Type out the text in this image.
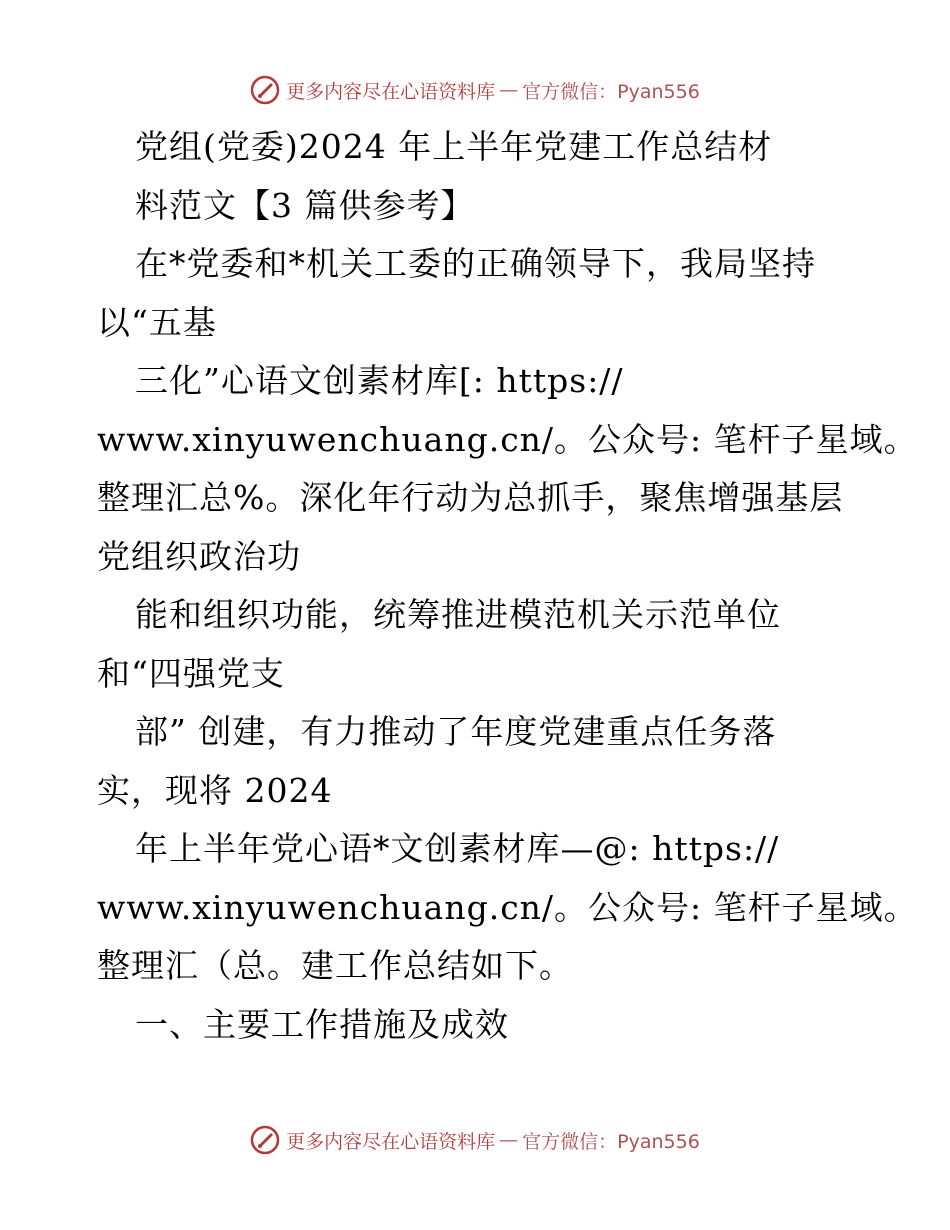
更多内容尽在心语资料库 — 官方微信：Pyan556
党组(党委)2024 年上半年党建工作总结材
料范文【3 篇供参考】
在*党委和*机关工委的正确领导下，我局坚持
以“五基
三化”心语文创素材库[: https://
www.xinyuwenchuang.cn/。公众号: 笔杆子星域。
整理汇总%。深化年行动为总抓手，聚焦增强基层
党组织政治功
能和组织功能，统筹推进模范机关示范单位
和“四强党支
部” 创建，有力推动了年度党建重点任务落
实，现将 2024
年上半年党心语*文创素材库—@: https://
www.xinyuwenchuang.cn/。公众号: 笔杆子星域。
整理汇（总。建工作总结如下。
一、主要工作措施及成效
更多内容尽在心语资料库 — 官方微信：Pyan556
